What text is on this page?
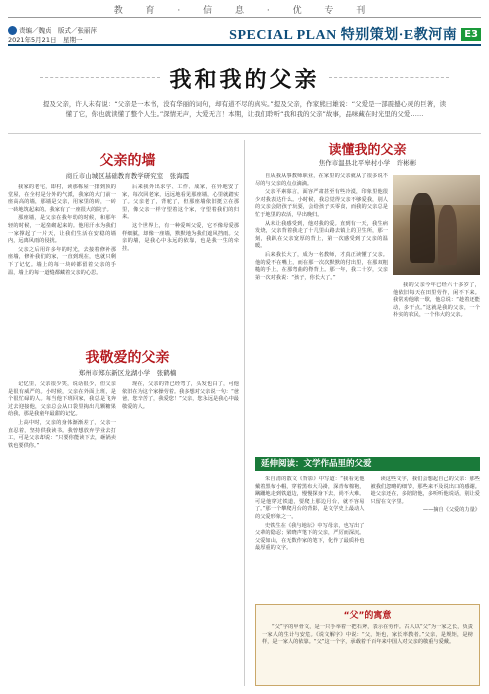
教 育 · 信 息 · 优 专 刊
责编／魏贞　版式／张丽萍
2021年5月21日　星期一	SPECIAL PLAN 特别策划·E教河南 E3
我和我的父亲
提及父亲，许人未有说：“父亲是一本书，没有华丽的词句，却有道不尽的真实。”提及父亲，作家熊曰雄说：“父爱是一部震撼心灵的巨著，读懂了它，你也就读懂了整个人生。”深情无声，大爱无言！本期，让我们聆听“我和我的父亲”故事，品味藏在时光里的父爱……
父亲的墙
商丘市山城区基础教育教学研究室　张海霞

我家的老宅，即村，读那栋屋一排到顶的堂屋，在全村是分外的气派，我家的大门前一座高高的墙，那墙是父亲，用家里的砖，一砖一砖地筑起来的。我家有了一座很大的院子。

那座墙，是父亲在我年幼的时候，和那年轻的时候，一起垒砌起来的。他用汗水为我们一家撑起了一片天，让我们生活在安稳的墙内，远离风雨的侵扰。

父亲之后用许多年的时光，去接着修补那座墙，修补我们的家，一直到现在，也就只剩下了记忆。墙上的每一块砖都留着父亲的手温，墙上的每一道缝都藏着父亲的心思。

后来我外出求学、工作、成家，在异地安了家，每次回老家，远远地看见那座墙，心里就踏实了。父亲老了，背驼了，但那座墙依旧挺立在那里，像父亲一样守望着这个家，守望着我们的归来。

这个世界上，有一种爱叫父爱，它不像母爱那样细腻，却像一座墙，默默地为我们遮风挡雨。父亲的墙，是我心中永远的依靠，也是我一生的牵挂。

我敬爱的父亲
郑州市郑东新区龙湖小学　张鹤楠

记忆里，父亲很少笑，说话很少，但父亲是很有威严的。小时候，父亲在外面上班，是个很忙碌的人。每当他下班回家，我总是飞奔过去迎接他，父亲总会从口袋里掏出几颗糖果给我，那是我童年最甜的记忆。

上高中时，父亲的身体渐渐差了，父亲一直忍着，坚持供我读书。我曾想放弃学业去打工，可是父亲却说：“只要你能读下去，砸锅卖铁也要供你。”

现在，父亲的背已经弯了，头发也白了，可他依旧在为这个家操劳着。我多想对父亲说一句：“爸爸，您辛苦了，我爱您！”父亲，您永远是我心中最敬爱的人。

读懂我的父亲
焦作市温县北平皋村小学　许彬彬

自从我从事教师职业，在家里的父亲就从了很多说不尽的与父亲的点点滴滴。

父亲平素寡言，面容严肃甚至有些冷漠，印象里他很少对我表达什么。小时候，我总觉得父亲不够爱我，别人的父亲会陪孩子玩耍，会给孩子买零食，而我的父亲总是忙于地里的农活，早出晚归。

从未让我感受到，他对我的爱。直到有一天，我生病发烧，父亲背着我走了十几里山路去镇上的卫生所，那一刻，我趴在父亲宽厚的背上，第一次感受到了父亲的温暖。

后来我长大了，成为一名教师，才真正读懂了父亲。他的爱不在嘴上，而在那一次次默默的付出里，在那双粗糙的手上，在那弯曲的脊背上。那一年，我二十岁，父亲第一次对我说：“孩子，你长大了。”

我的父亲今年已经六十多岁了，他依旧每天在田里劳作，闲不下来。我常劝他歇一歇，他总说：“趁着还能动，多干点。”这就是我的父亲，一个朴实的农民，一个伟大的父亲。

延伸阅读：文学作品里的父爱

朱自清的散文《背影》中写道：“我看见他戴着黑布小帽，穿着黑布大马褂，深青布棉袍，蹒跚地走到铁道边，慢慢探身下去，尚不大难。可是他穿过铁道，要爬上那边月台，就不容易了。”那一个攀爬月台的背影，是文学史上最动人的父爱形象之一。

史铁生在《我与地坛》中写母亲，也写出了父辈的隐忍；梁晓声笔下的父亲，严厉而深沉。父爱如山，在无数作家的笔下，化作了最质朴也最厚重的文字。

读这些文字，我们会想起自己的父亲：那些被我们忽略的细节，那些来不及说出口的感谢。趁父亲还在，多陪陪他，多听听他说话，别让爱只留在文字里。

——摘自《父爱的力量》

“父”的寓意
“父”字的甲骨文，是一只手举着一把石斧，表示在劳作。古人以“父”为一家之长，负责一家人的生计与安危。《说文解字》中说：“父，矩也，家长率教者。”父亲，是规矩，是榜样，是一家人的依靠。“父”这一个字，承载着千百年来中国人对父亲的敬重与爱戴。
